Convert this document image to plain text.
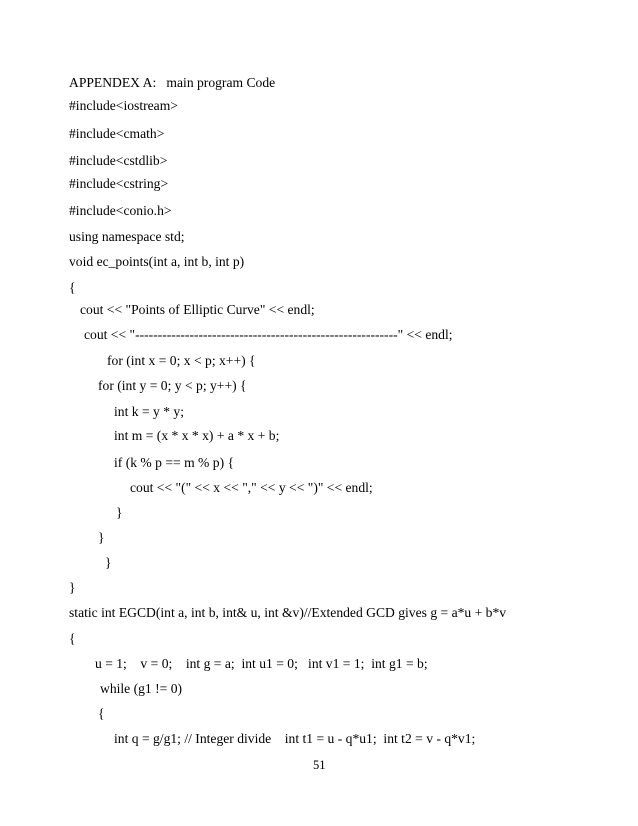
APPENDEX A:   main program Code
#include<iostream>
#include<cmath>
#include<cstdlib>
#include<cstring>
#include<conio.h>
using namespace std;
void ec_points(int a, int b, int p)
{
cout << "Points of Elliptic Curve" << endl;
cout << "----------------------------------------------------------" << endl;
for (int x = 0; x < p; x++) {
for (int y = 0; y < p; y++) {
int k = y * y;
int m = (x * x * x) + a * x + b;
if (k % p == m % p) {
cout << "(" << x << "," << y << ")" << endl;
}
}
}
}
static int EGCD(int a, int b, int& u, int &v)//Extended GCD gives g = a*u + b*v
{
u = 1;    v = 0;    int g = a;  int u1 = 0;   int v1 = 1;  int g1 = b;
while (g1 != 0)
{
int q = g/g1; // Integer divide    int t1 = u - q*u1;  int t2 = v - q*v1;
51
